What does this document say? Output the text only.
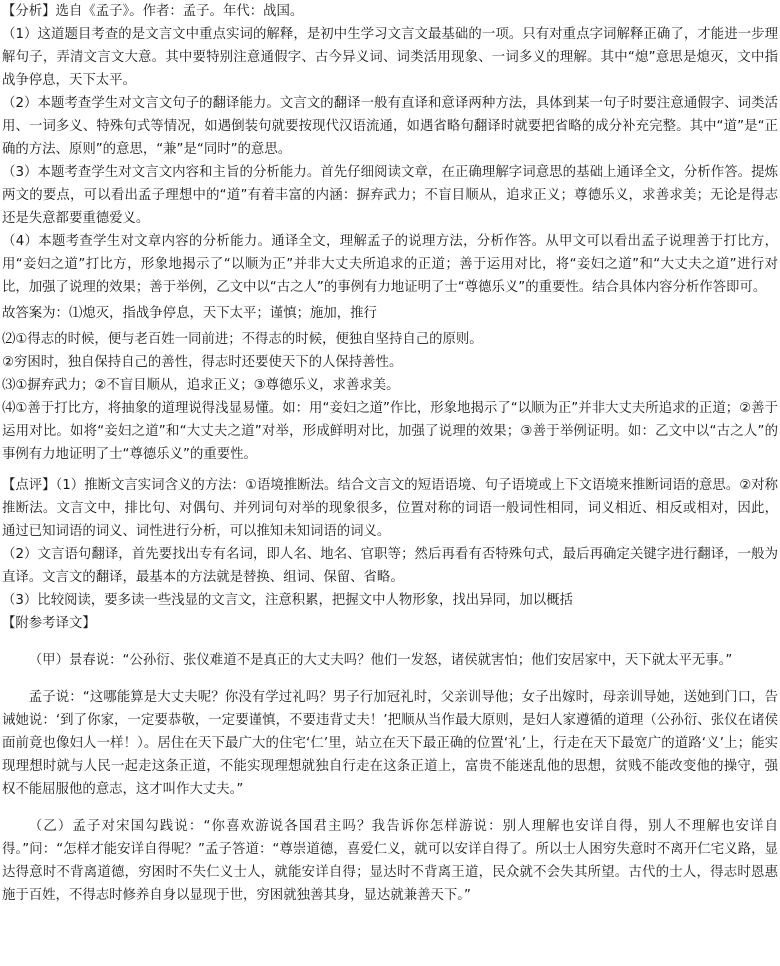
【分析】选自《孟子》。作者：孟子。年代：战国。

（1）这道题目考查的是文言文中重点实词的解释，是初中生学习文言文最基础的一项。只有对重点字词解释正确了，才能进一步理解句子，弄清文言文大意。其中要特别注意通假字、古今异义词、词类活用现象、一词多义的理解。其中“熄”意思是熄灭，文中指战争停息，天下太平。

（2）本题考查学生对文言文句子的翻译能力。文言文的翻译一般有直译和意译两种方法，具体到某一句子时要注意通假字、词类活用、一词多义、特殊句式等情况，如遇倒装句就要按现代汉语流通，如遇省略句翻译时就要把省略的成分补充完整。其中“道”是“正确的方法、原则”的意思，“兼”是“同时”的意思。

（3）本题考查学生对文言文内容和主旨的分析能力。首先仔细阅读文章，在正确理解字词意思的基础上通译全文，分析作答。提炼两文的要点，可以看出孟子理想中的“道”有着丰富的内涵：摒弃武力；不盲目顺从，追求正义；尊德乐义，求善求美；无论是得志还是失意都要重德爱义。

（4）本题考查学生对文章内容的分析能力。通译全文，理解孟子的说理方法，分析作答。从甲文可以看出孟子说理善于打比方，用“妾妇之道”打比方，形象地揭示了“以顺为正”并非大丈夫所追求的正道；善于运用对比，将“妾妇之道”和“大丈夫之道”进行对比，加强了说理的效果；善于举例，乙文中以“古之人”的事例有力地证明了士“尊德乐义”的重要性。结合具体内容分析作答即可。

故答案为：⑴熄灭，指战争停息，天下太平；谨慎；施加，推行

⑵①得志的时候，便与老百姓一同前进；不得志的时候，便独自坚持自己的原则。

②穷困时，独自保持自己的善性，得志时还要使天下的人保持善性。

⑶①摒弃武力；②不盲目顺从，追求正义；③尊德乐义，求善求美。

⑷①善于打比方，将抽象的道理说得浅显易懂。如：用“妾妇之道”作比，形象地揭示了“以顺为正”并非大丈夫所追求的正道；②善于运用对比。如将“妾妇之道”和“大丈夫之道”对举，形成鲜明对比，加强了说理的效果；③善于举例证明。如：乙文中以“古之人”的事例有力地证明了士“尊德乐义”的重要性。

【点评】（1）推断文言实词含义的方法：①语境推断法。结合文言文的短语语境、句子语境或上下文语境来推断词语的意思。②对称推断法。文言文中，排比句、对偶句、并列词句对举的现象很多，位置对称的词语一般词性相同，词义相近、相反或相对，因此，通过已知词语的词义、词性进行分析，可以推知未知词语的词义。

（2）文言语句翻译，首先要找出专有名词，即人名、地名、官职等；然后再看有否特殊句式，最后再确定关键字进行翻译，一般为直译。文言文的翻译，最基本的方法就是替换、组词、保留、省略。

（3）比较阅读，要多读一些浅显的文言文，注意积累，把握文中人物形象，找出异同，加以概括

【附参考译文】

（甲）景春说：“公孙衍、张仪难道不是真正的大丈夫吗？他们一发怒，诸侯就害怕；他们安居家中，天下就太平无事。”

孟子说：“这哪能算是大丈夫呢？你没有学过礼吗？男子行加冠礼时，父亲训导他；女子出嫁时，母亲训导她，送她到门口，告诫她说：‘到了你家，一定要恭敬，一定要谨慎，不要违背丈夫！’把顺从当作最大原则，是妇人家遵循的道理（公孙衍、张仪在诸侯面前竟也像妇人一样！）。居住在天下最广大的住宅‘仁’里，站立在天下最正确的位置‘礼’上，行走在天下最宽广的道路‘义’上；能实现理想时就与人民一起走这条正道，不能实现理想就独自行走在这条正道上，富贵不能迷乱他的思想，贫贱不能改变他的操守，强权不能屈服他的意志，这才叫作大丈夫。”

（乙）孟子对宋国勾践说：“你喜欢游说各国君主吗？我告诉你怎样游说：别人理解也安详自得，别人不理解也安详自得。”问：“怎样才能安详自得呢？”孟子答道：“尊崇道德，喜爱仁义，就可以安详自得了。所以士人困穷失意时不离开仁宅义路，显达得意时不背离道德，穷困时不失仁义士人，就能安详自得；显达时不背离王道，民众就不会失其所望。古代的士人，得志时恩惠施于百姓，不得志时修养自身以显现于世，穷困就独善其身，显达就兼善天下。”
